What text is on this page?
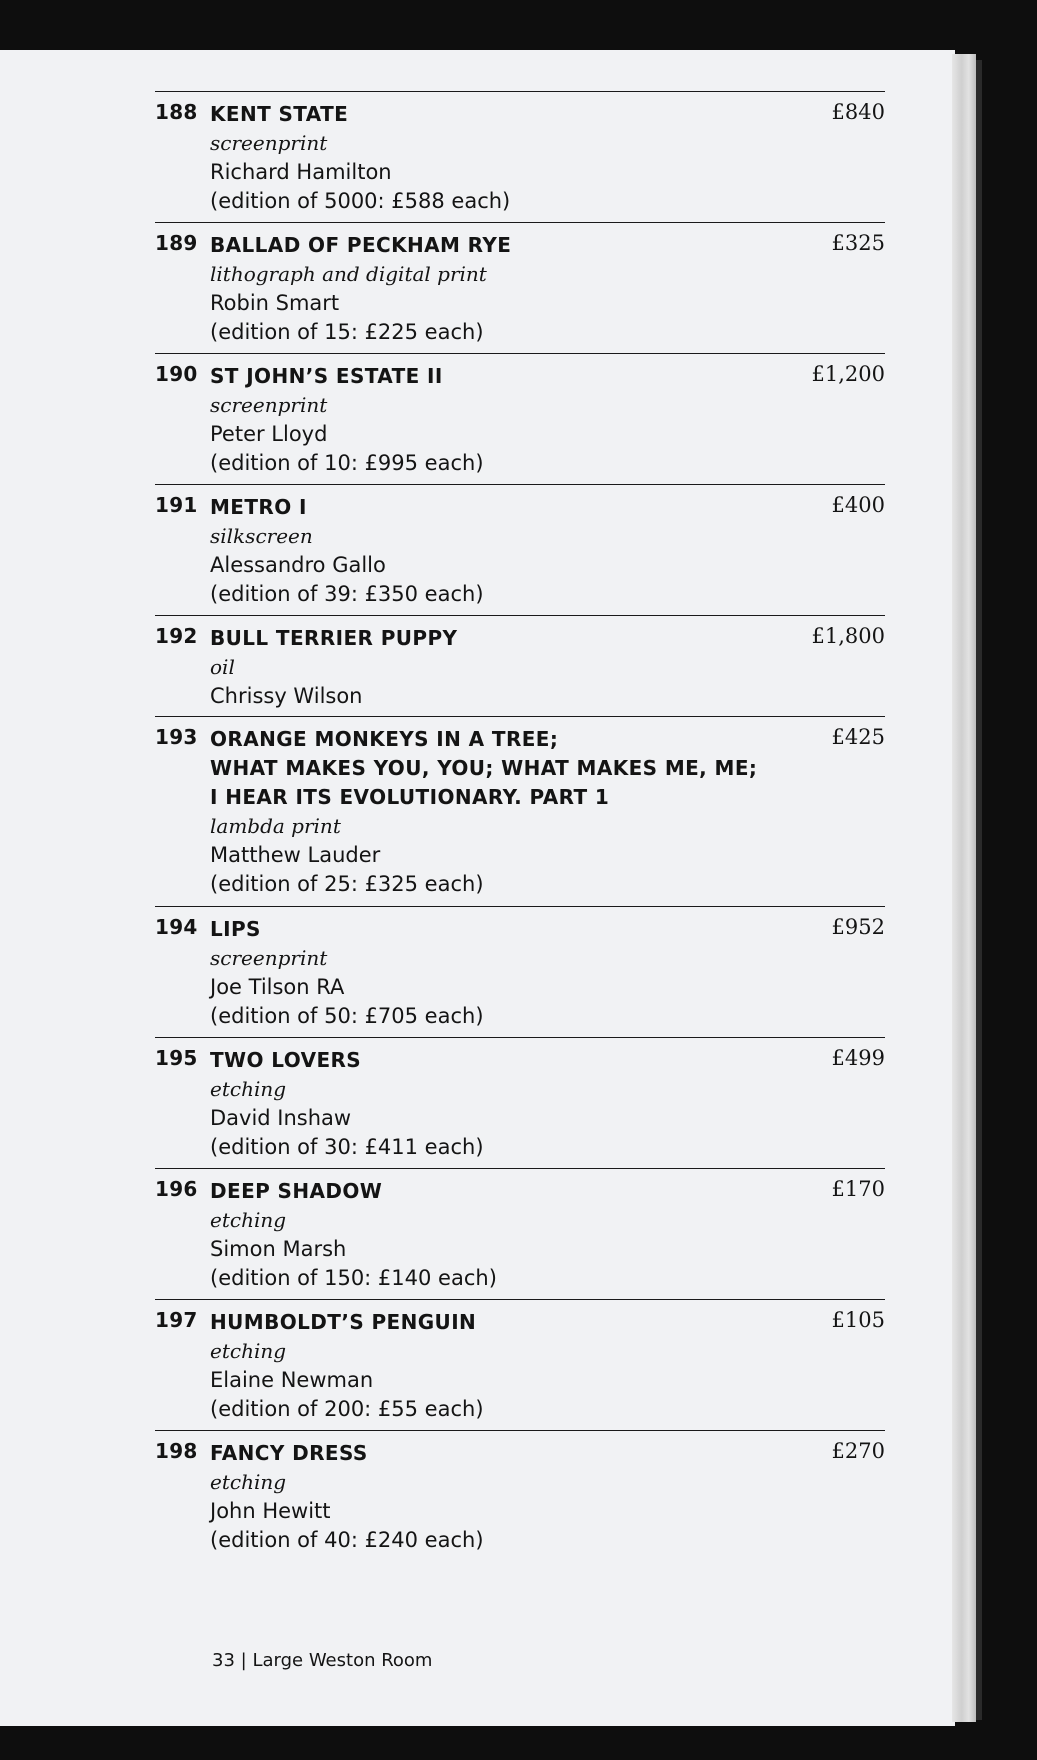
188 KENT STATE
screenprint
Richard Hamilton
(edition of 5000: £588 each)
£840
189 BALLAD OF PECKHAM RYE
lithograph and digital print
Robin Smart
(edition of 15: £225 each)
£325
190 ST JOHN’S ESTATE II
screenprint
Peter Lloyd
(edition of 10: £995 each)
£1,200
191 METRO I
silkscreen
Alessandro Gallo
(edition of 39: £350 each)
£400
192 BULL TERRIER PUPPY
oil
Chrissy Wilson
£1,800
193 ORANGE MONKEYS IN A TREE;
WHAT MAKES YOU, YOU; WHAT MAKES ME, ME;
I HEAR ITS EVOLUTIONARY. PART 1
lambda print
Matthew Lauder
(edition of 25: £325 each)
£425
194 LIPS
screenprint
Joe Tilson RA
(edition of 50: £705 each)
£952
195 TWO LOVERS
etching
David Inshaw
(edition of 30: £411 each)
£499
196 DEEP SHADOW
etching
Simon Marsh
(edition of 150: £140 each)
£170
197 HUMBOLDT’S PENGUIN
etching
Elaine Newman
(edition of 200: £55 each)
£105
198 FANCY DRESS
etching
John Hewitt
(edition of 40: £240 each)
£270
33 | Large Weston Room
